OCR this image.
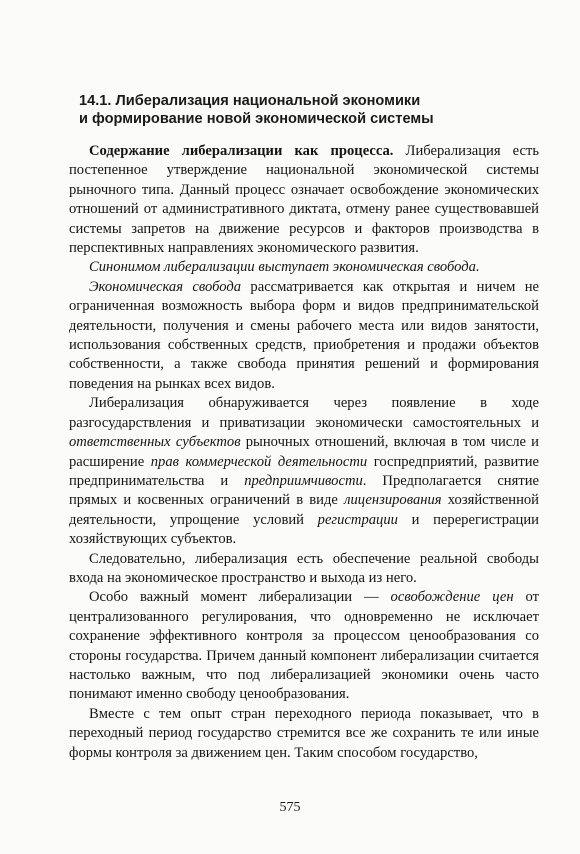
14.1. Либерализация национальной экономики
и формирование новой экономической системы

Содержание либерализации как процесса. Либерализация есть постепенное утверждение национальной экономической системы рыночного типа. Данный процесс означает освобождение экономических отношений от административного диктата, отмену ранее существовавшей системы запретов на движение ресурсов и факторов производства в перспективных направлениях экономического развития.

Синонимом либерализации выступает экономическая свобода.

Экономическая свобода рассматривается как открытая и ничем не ограниченная возможность выбора форм и видов предпринимательской деятельности, получения и смены рабочего места или видов занятости, использования собственных средств, приобретения и продажи объектов собственности, а также свобода принятия решений и формирования поведения на рынках всех видов.

Либерализация обнаруживается через появление в ходе разгосударствления и приватизации экономически самостоятельных и ответственных субъектов рыночных отношений, включая в том числе и расширение прав коммерческой деятельности госпредприятий, развитие предпринимательства и предприимчивости. Предполагается снятие прямых и косвенных ограничений в виде лицензирования хозяйственной деятельности, упрощение условий регистрации и перерегистрации хозяйствующих субъектов.

Следовательно, либерализация есть обеспечение реальной свободы входа на экономическое пространство и выхода из него.

Особо важный момент либерализации — освобождение цен от централизованного регулирования, что одновременно не исключает сохранение эффективного контроля за процессом ценообразования со стороны государства. Причем данный компонент либерализации считается настолько важным, что под либерализацией экономики очень часто понимают именно свободу ценообразования.

Вместе с тем опыт стран переходного периода показывает, что в переходный период государство стремится все же сохранить те или иные формы контроля за движением цен. Таким способом государство,

575
